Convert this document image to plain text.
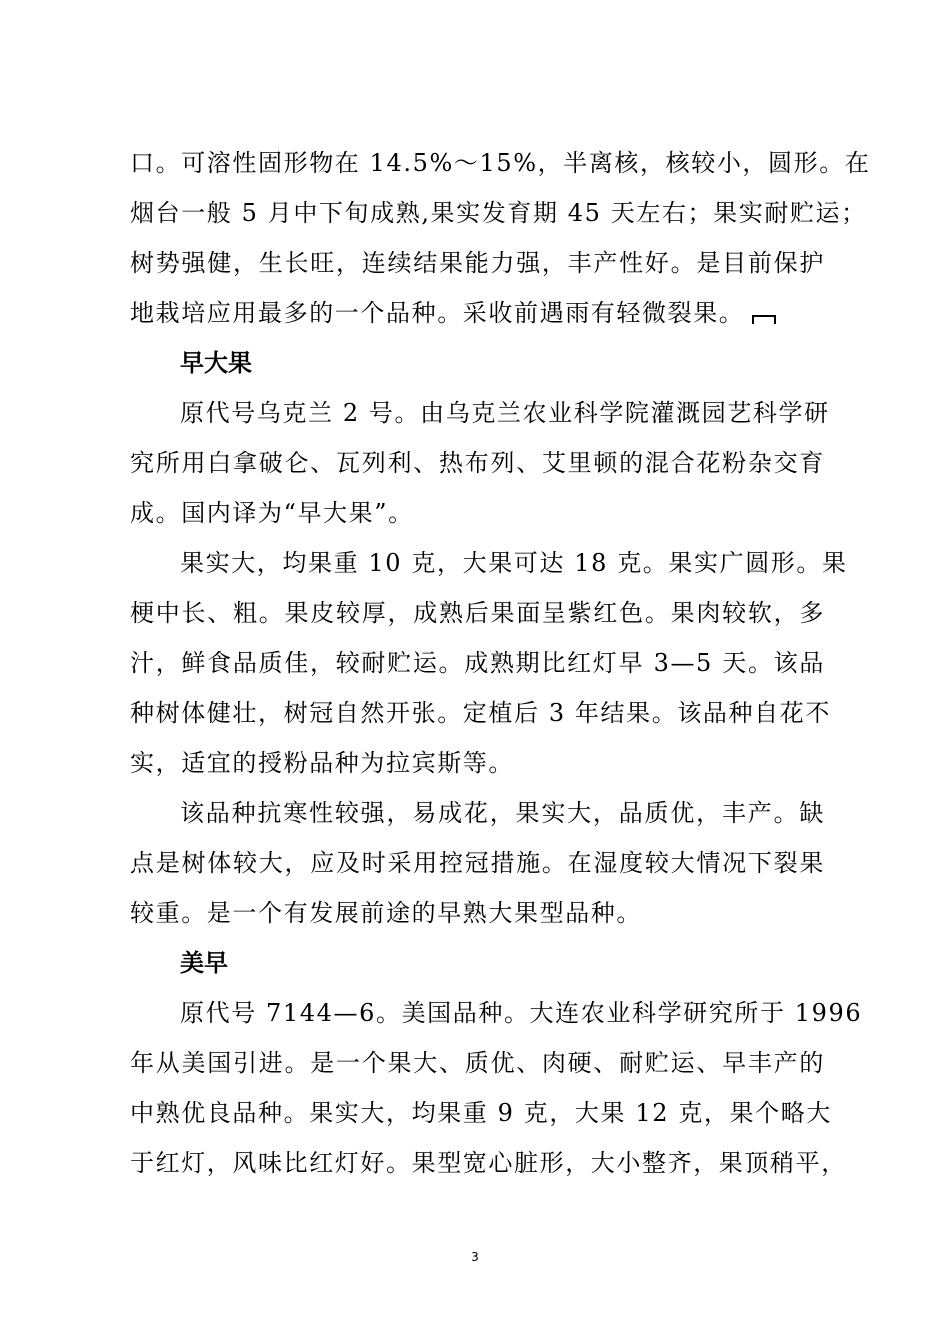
口。可溶性固形物在 14.5%～15%，半离核，核较小，圆形。在
烟台一般 5 月中下旬成熟,果实发育期 45 天左右；果实耐贮运；
树势强健，生长旺，连续结果能力强，丰产性好。是目前保护
地栽培应用最多的一个品种。采收前遇雨有轻微裂果。
早大果
原代号乌克兰 2 号。由乌克兰农业科学院灌溉园艺科学研
究所用白拿破仑、瓦列利、热布列、艾里顿的混合花粉杂交育
成。国内译为“早大果”。
果实大，均果重 10 克，大果可达 18 克。果实广圆形。果
梗中长、粗。果皮较厚，成熟后果面呈紫红色。果肉较软，多
汁，鲜食品质佳，较耐贮运。成熟期比红灯早 3—5 天。该品
种树体健壮，树冠自然开张。定植后 3 年结果。该品种自花不
实，适宜的授粉品种为拉宾斯等。
该品种抗寒性较强，易成花，果实大，品质优，丰产。缺
点是树体较大，应及时采用控冠措施。在湿度较大情况下裂果
较重。是一个有发展前途的早熟大果型品种。
美早
原代号 7144—6。美国品种。大连农业科学研究所于 1996
年从美国引进。是一个果大、质优、肉硬、耐贮运、早丰产的
中熟优良品种。果实大，均果重 9 克，大果 12 克，果个略大
于红灯，风味比红灯好。果型宽心脏形，大小整齐，果顶稍平，
3
